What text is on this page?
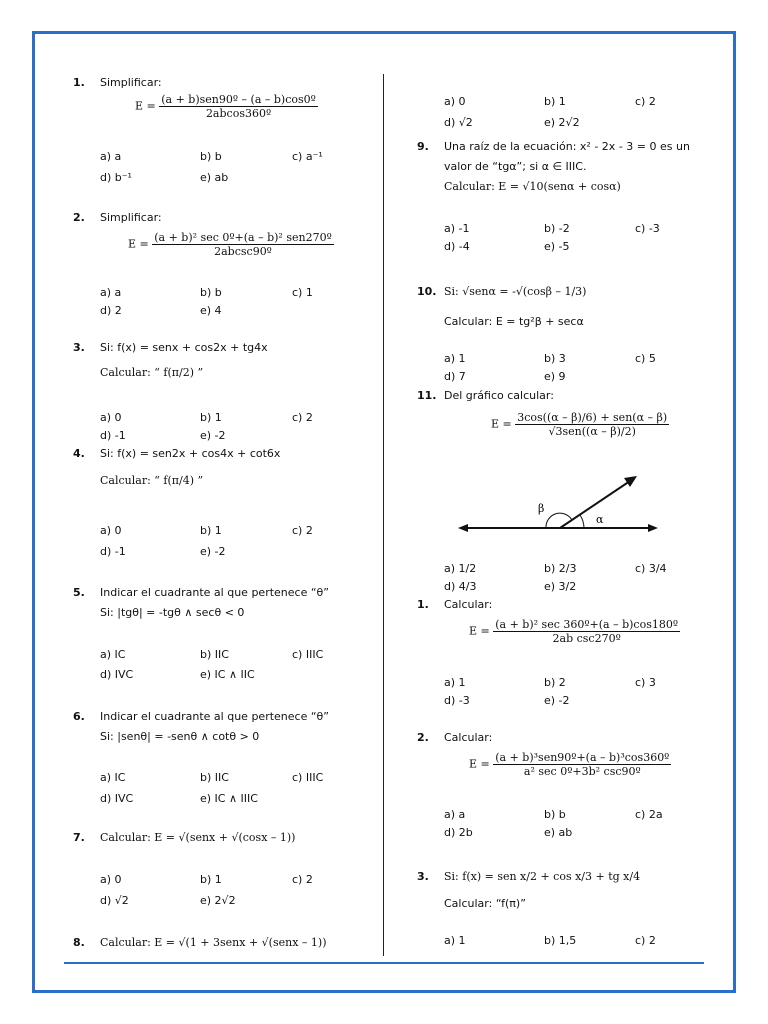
1. Simplificar:
E = (a + b)sen90º – (a – b)cos0º
2abcos360º
a) a	b) b	c) a⁻¹
d) b⁻¹	e) ab
2. Simplificar:
E = (a + b)² sec 0º+(a – b)² sen270º
2abcsc90º
a) a	b) b	c) 1
d) 2	e) 4
3. Si: f(x) = senx + cos2x + tg4x
Calcular: “ f(π/2) ”
a) 0	b) 1	c) 2
d) -1	e) -2
4. Si: f(x) = sen2x + cos4x + cot6x
Calcular: “ f(π/4) ”
a) 0	b) 1	c) 2
d) -1	e) -2
5. Indicar el cuadrante al que pertenece “θ”
Si: |tgθ| = -tgθ ∧ secθ < 0
a) IC	b) IIC	c) IIIC
d) IVC	e) IC ∧ IIC
6. Indicar el cuadrante al que pertenece “θ”
Si: |senθ| = -senθ ∧ cotθ > 0
a) IC	b) IIC	c) IIIC
d) IVC	e) IC ∧ IIIC
7. Calcular: E = √(senx + √(cosx – 1))
a) 0	b) 1	c) 2
d) √2	e) 2√2
8. Calcular: E = √(1 + 3senx + √(senx – 1))
a) 0	b) 1	c) 2
d) √2	e) 2√2
9. Una raíz de la ecuación: x² - 2x - 3 = 0 es un
valor de “tgα”; si α ∈ IIIC.
Calcular: E = √10(senα + cosα)
a) -1	b) -2	c) -3
d) -4	e) -5
10. Si: √senα = -√(cosβ – 1/3)
Calcular: E = tg²β + secα
a) 1	b) 3	c) 5
d) 7	e) 9
11. Del gráfico calcular:
E = 3cos((α – β)/6) + sen(α – β)
√3sen((α – β)/2)
a) 1/2	b) 2/3	c) 3/4
d) 4/3	e) 3/2
β
α
1. Calcular:
E = (a + b)² sec 360º+(a – b)cos180º
2ab csc270º
a) 1	b) 2	c) 3
d) -3	e) -2
2. Calcular:
E = (a + b)³sen90º+(a – b)³cos360º
a² sec 0º+3b² csc90º
a) a	b) b	c) 2a
d) 2b	e) ab
3. Si: f(x) = sen x/2 + cos x/3 + tg x/4
Calcular: “f(π)”
a) 1	b) 1,5	c) 2
